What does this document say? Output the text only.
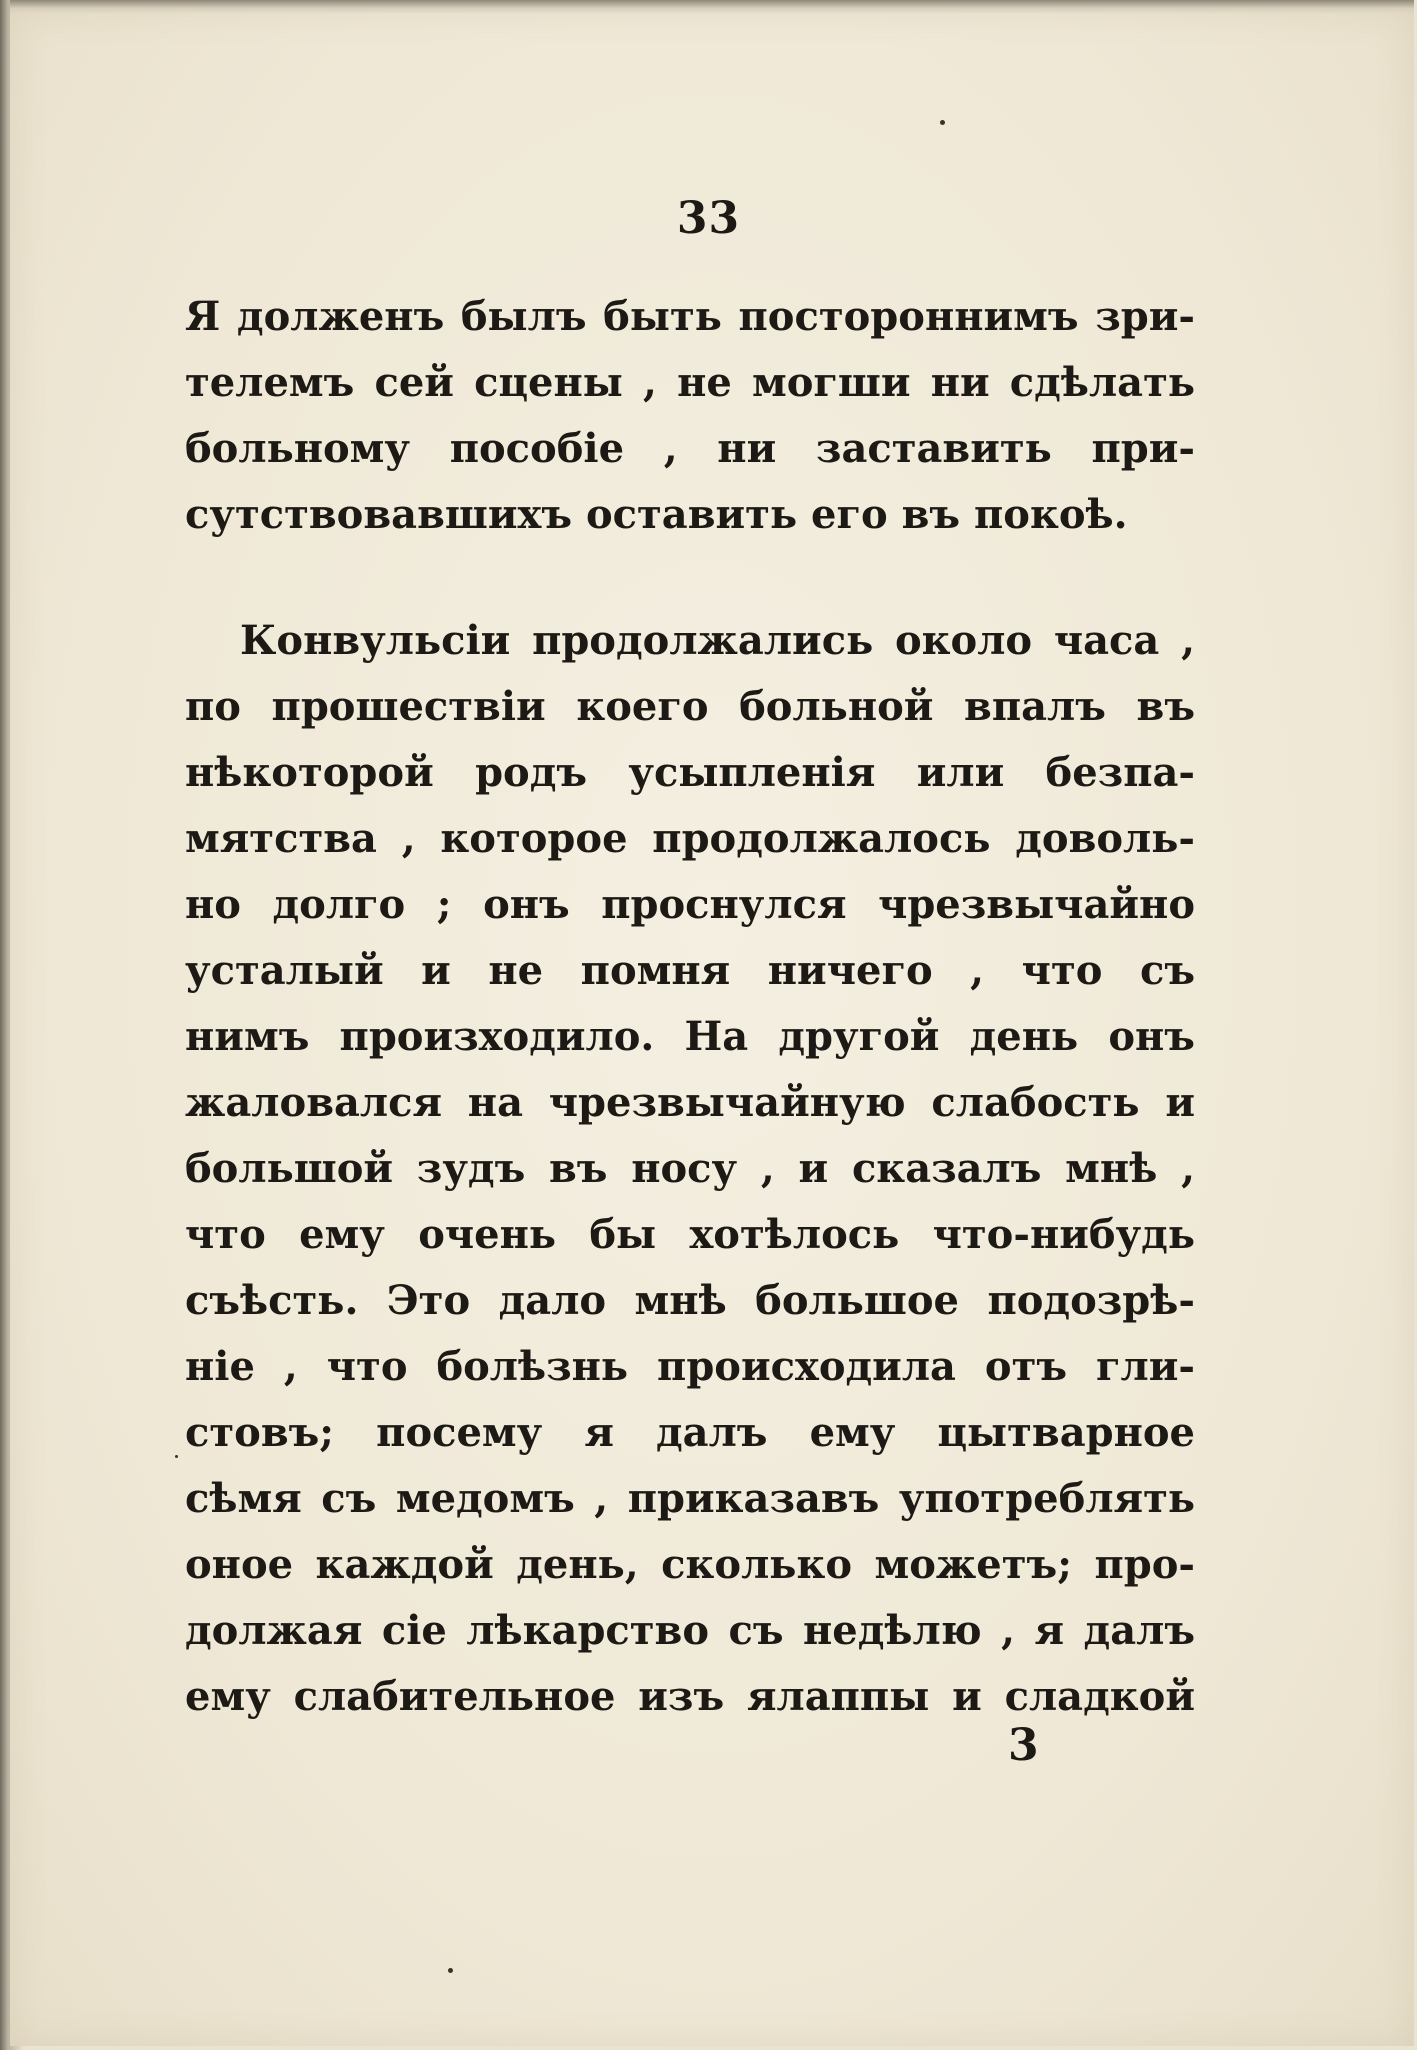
33

Я долженъ былъ быть постороннимъ зри-
телемъ сей сцены , не могши ни сдѣлать
больному пособіе , ни заставить при-
сутствовавшихъ оставить его въ покоѣ.

Конвульсіи продолжались около часа ,
по прошествіи коего больной впалъ въ
нѣкоторой родъ усыпленія или безпа-
мятства , которое продолжалось доволь-
но долго ; онъ проснулся чрезвычайно
усталый и не помня ничего , что съ
нимъ произходило. На другой день онъ
жаловался на чрезвычайную слабость и
большой зудъ въ носу , и сказалъ мнѣ ,
что ему очень бы хотѣлось что-нибудь
съѣсть. Это дало мнѣ большое подозрѣ-
ніе , что болѣзнь происходила отъ гли-
стовъ; посему я далъ ему цытварное
сѣмя съ медомъ , приказавъ употреблять
оное каждой день, сколько можетъ; про-
должая сіе лѣкарство съ недѣлю , я далъ
ему слабительное изъ ялаппы и сладкой

3
